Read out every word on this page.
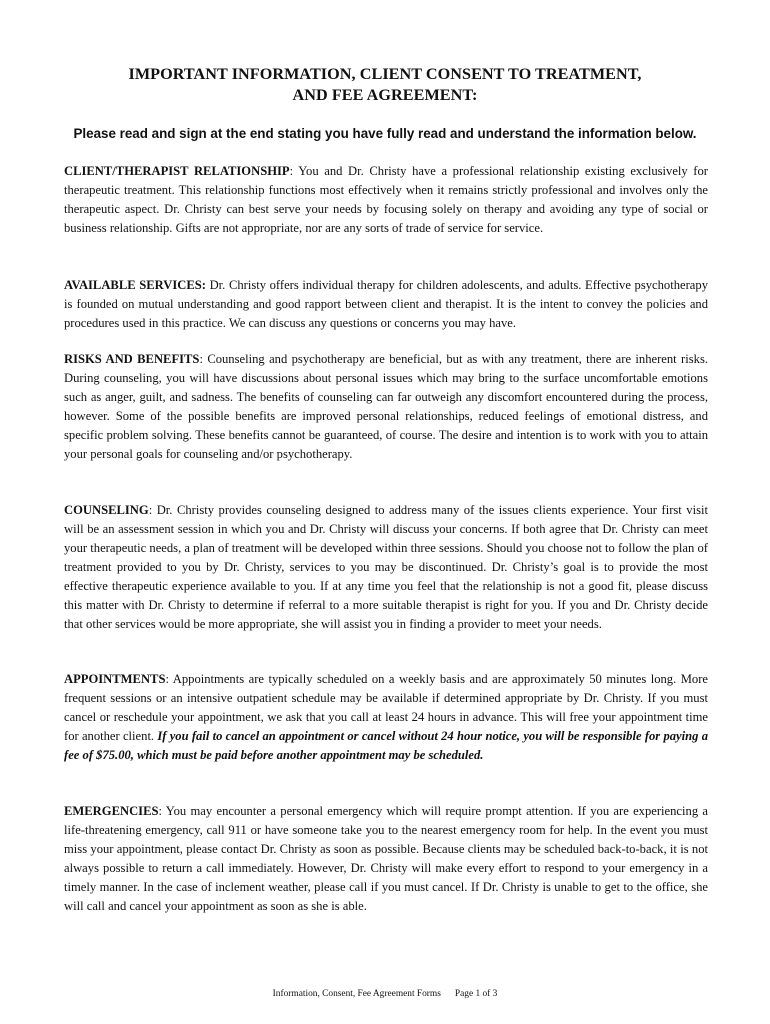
IMPORTANT INFORMATION, CLIENT CONSENT TO TREATMENT,
AND FEE AGREEMENT:
Please read and sign at the end stating you have fully read and understand the information below.
CLIENT/THERAPIST RELATIONSHIP: You and Dr. Christy have a professional relationship existing exclusively for therapeutic treatment. This relationship functions most effectively when it remains strictly professional and involves only the therapeutic aspect. Dr. Christy can best serve your needs by focusing solely on therapy and avoiding any type of social or business relationship. Gifts are not appropriate, nor are any sorts of trade of service for service.
AVAILABLE SERVICES: Dr. Christy offers individual therapy for children adolescents, and adults. Effective psychotherapy is founded on mutual understanding and good rapport between client and therapist. It is the intent to convey the policies and procedures used in this practice. We can discuss any questions or concerns you may have.
RISKS AND BENEFITS: Counseling and psychotherapy are beneficial, but as with any treatment, there are inherent risks. During counseling, you will have discussions about personal issues which may bring to the surface uncomfortable emotions such as anger, guilt, and sadness. The benefits of counseling can far outweigh any discomfort encountered during the process, however. Some of the possible benefits are improved personal relationships, reduced feelings of emotional distress, and specific problem solving. These benefits cannot be guaranteed, of course. The desire and intention is to work with you to attain your personal goals for counseling and/or psychotherapy.
COUNSELING: Dr. Christy provides counseling designed to address many of the issues clients experience. Your first visit will be an assessment session in which you and Dr. Christy will discuss your concerns. If both agree that Dr. Christy can meet your therapeutic needs, a plan of treatment will be developed within three sessions. Should you choose not to follow the plan of treatment provided to you by Dr. Christy, services to you may be discontinued. Dr. Christy’s goal is to provide the most effective therapeutic experience available to you. If at any time you feel that the relationship is not a good fit, please discuss this matter with Dr. Christy to determine if referral to a more suitable therapist is right for you. If you and Dr. Christy decide that other services would be more appropriate, she will assist you in finding a provider to meet your needs.
APPOINTMENTS: Appointments are typically scheduled on a weekly basis and are approximately 50 minutes long. More frequent sessions or an intensive outpatient schedule may be available if determined appropriate by Dr. Christy. If you must cancel or reschedule your appointment, we ask that you call at least 24 hours in advance. This will free your appointment time for another client. If you fail to cancel an appointment or cancel without 24 hour notice, you will be responsible for paying a fee of $75.00, which must be paid before another appointment may be scheduled.
EMERGENCIES: You may encounter a personal emergency which will require prompt attention. If you are experiencing a life-threatening emergency, call 911 or have someone take you to the nearest emergency room for help. In the event you must miss your appointment, please contact Dr. Christy as soon as possible. Because clients may be scheduled back-to-back, it is not always possible to return a call immediately. However, Dr. Christy will make every effort to respond to your emergency in a timely manner. In the case of inclement weather, please call if you must cancel. If Dr. Christy is unable to get to the office, she will call and cancel your appointment as soon as she is able.
Information, Consent, Fee Agreement Forms Page 1 of 3
